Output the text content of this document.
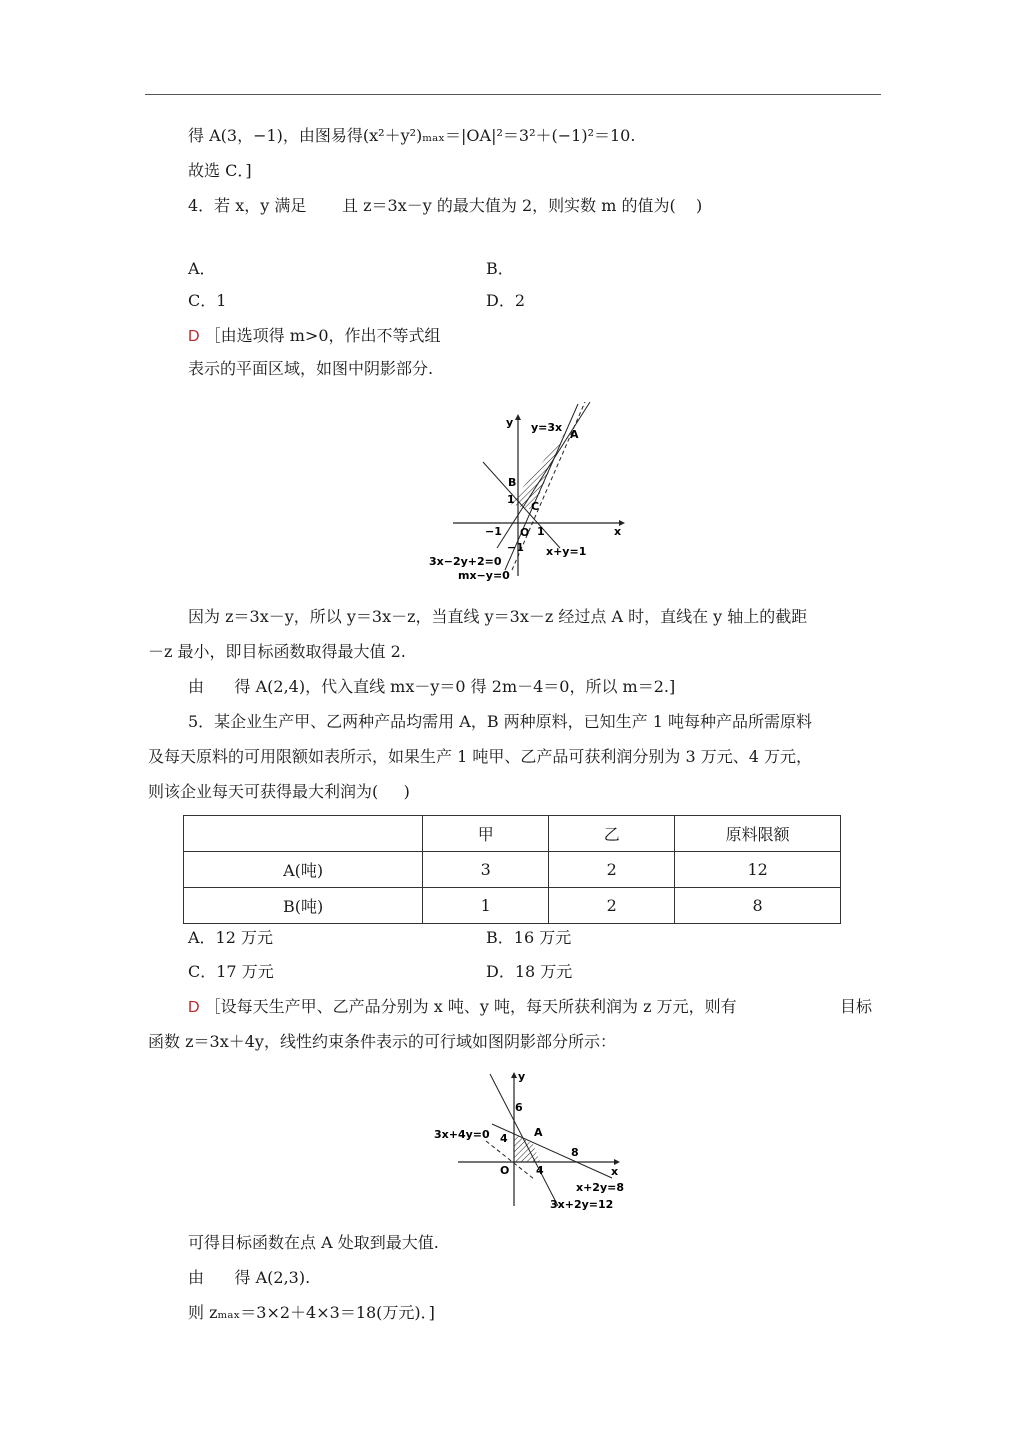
得 A(3，−1)，由图易得(x²＋y²)ₘₐₓ＝|OA|²＝3²＋(−1)²＝10.
故选 C．]
4．若 x，y 满足       且 z＝3x－y 的最大值为 2，则实数 m 的值为(    )
A．	B．
C．1	D．2
D ［由选项得 m>0，作出不等式组
表示的平面区域，如图中阴影部分.
y
x
y=3x
A
B
1
C
−1 O 1
−1 x+y=1
3x−2y+2=0
mx−y=0
因为 z＝3x－y，所以 y＝3x－z，当直线 y＝3x－z 经过点 A 时，直线在 y 轴上的截距
－z 最小，即目标函数取得最大值 2.
由      得 A(2,4)，代入直线 mx－y＝0 得 2m－4＝0，所以 m＝2.]
5．某企业生产甲、乙两种产品均需用 A，B 两种原料，已知生产 1 吨每种产品所需原料
及每天原料的可用限额如表所示，如果生产 1 吨甲、乙产品可获利润分别为 3 万元、4 万元，
则该企业每天可获得最大利润为(     )
	甲	乙	原料限额
A(吨)	3	2	12
B(吨)	1	2	8
A．12 万元	B．16 万元
C．17 万元	D．18 万元
D ［设每天生产甲、乙产品分别为 x 吨、y 吨，每天所获利润为 z 万元，则有	目标
函数 z＝3x＋4y，线性约束条件表示的可行域如图阴影部分所示：
y
x
6
4 A
8
O 4
3x+4y=0
x+2y=8
3x+2y=12
可得目标函数在点 A 处取到最大值.
由      得 A(2,3).
则 zₘₐₓ＝3×2＋4×3＝18(万元)．]
